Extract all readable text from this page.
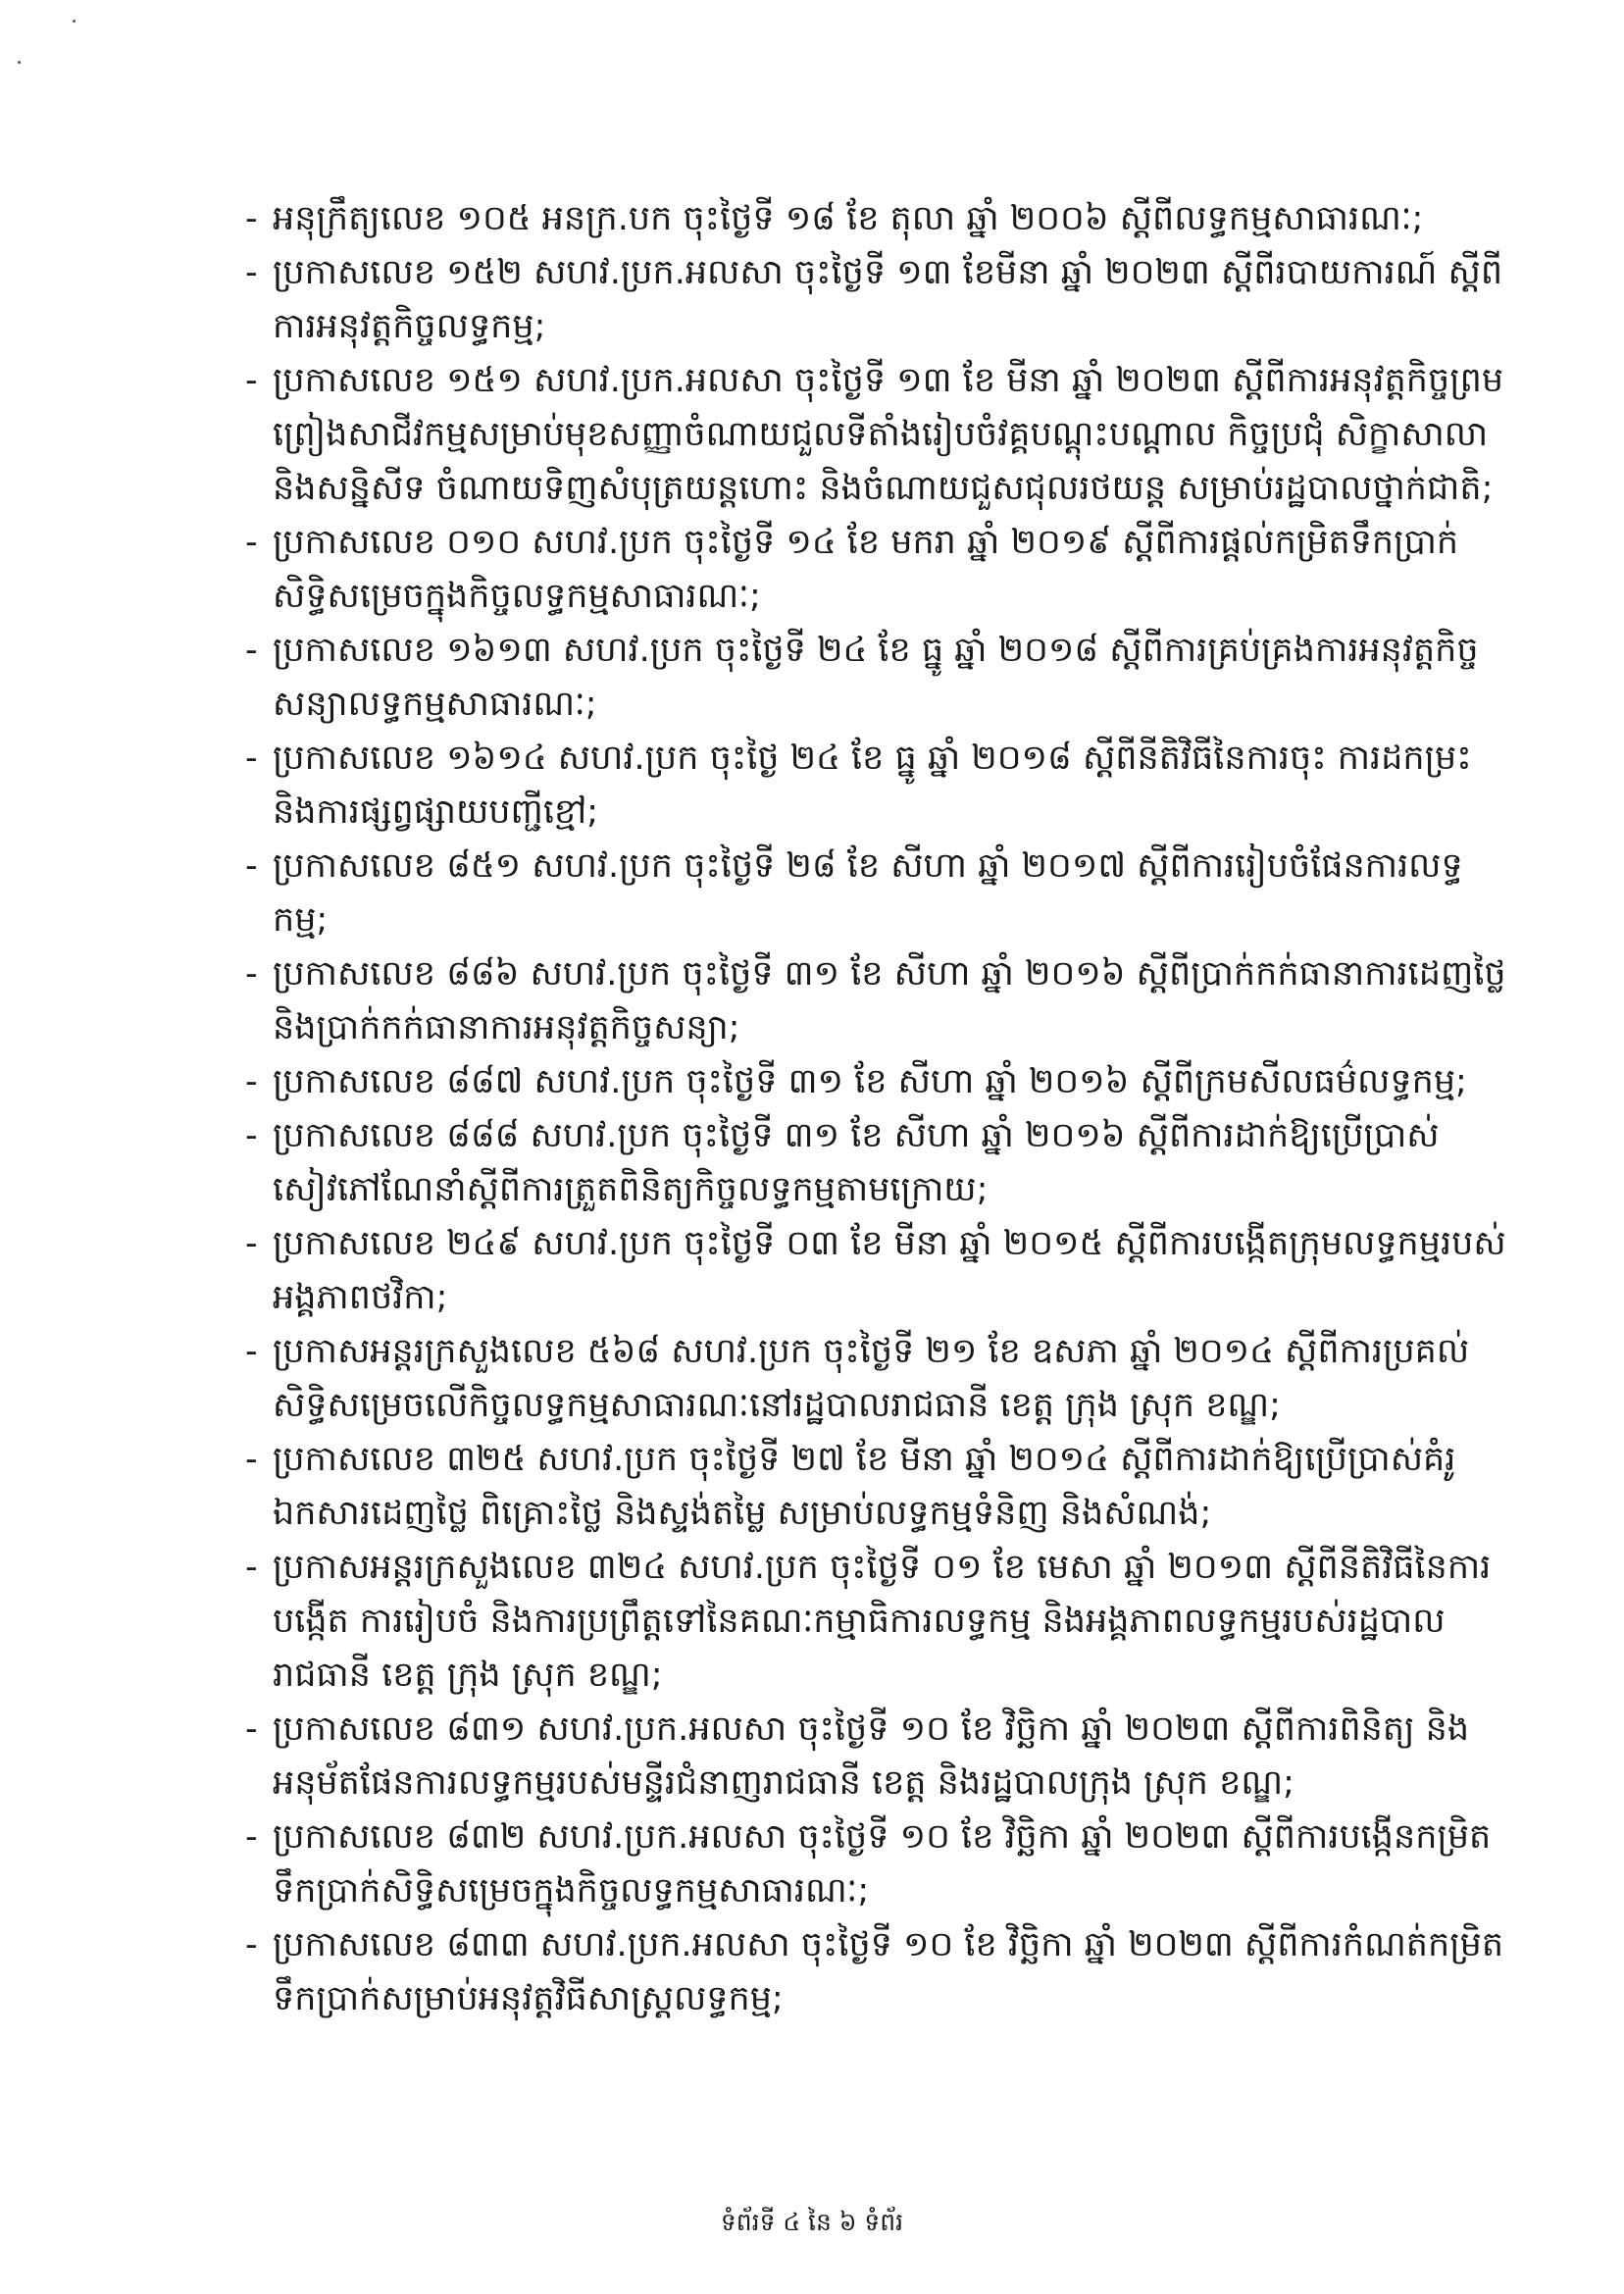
- អនុក្រឹត្យលេខ ១០៥ អនក្រ.បក ចុះថ្ងៃទី ១៨ ខែ តុលា ឆ្នាំ ២០០៦ ស្តីពីលទ្ធកម្មសាធារណៈ;
- ប្រកាសលេខ ១៥២ សហវ.ប្រក.អលសា ចុះថ្ងៃទី ១៣ ខែមីនា ឆ្នាំ ២០២៣ ស្តីពីរបាយការណ៍ ស្តីពីការអនុវត្តកិច្ចលទ្ធកម្ម;
- ប្រកាសលេខ ១៥១ សហវ.ប្រក.អលសា ចុះថ្ងៃទី ១៣ ខែ មីនា ឆ្នាំ ២០២៣ ស្តីពីការអនុវត្តកិច្ចព្រមព្រៀងសាជីវកម្មសម្រាប់មុខសញ្ញាចំណាយជួលទីតាំងរៀបចំវគ្គបណ្តុះបណ្តាល កិច្ចប្រជុំ សិក្ខាសាលា និងសន្និសីទ ចំណាយទិញសំបុត្រយន្តហោះ និងចំណាយជួសជុលរថយន្ត សម្រាប់រដ្ឋបាលថ្នាក់ជាតិ;
- ប្រកាសលេខ ០១០ សហវ.ប្រក ចុះថ្ងៃទី ១៤ ខែ មករា ឆ្នាំ ២០១៩ ស្តីពីការផ្តល់កម្រិតទឹកប្រាក់សិទ្ធិសម្រេចក្នុងកិច្ចលទ្ធកម្មសាធារណៈ;
- ប្រកាសលេខ ១៦១៣ សហវ.ប្រក ចុះថ្ងៃទី ២៤ ខែ ធ្នូ ឆ្នាំ ២០១៨ ស្តីពីការគ្រប់គ្រងការអនុវត្តកិច្ចសន្យាលទ្ធកម្មសាធារណៈ;
- ប្រកាសលេខ ១៦១៤ សហវ.ប្រក ចុះថ្ងៃ ២៤ ខែ ធ្នូ ឆ្នាំ ២០១៨ ស្តីពីនីតិវិធីនៃការចុះ ការដកម្រះនិងការផ្សព្វផ្សាយបញ្ជីខ្មៅ;
- ប្រកាសលេខ ៨៥១ សហវ.ប្រក ចុះថ្ងៃទី ២៨ ខែ សីហា ឆ្នាំ ២០១៧ ស្តីពីការរៀបចំផែនការលទ្ធកម្ម;
- ប្រកាសលេខ ៨៨៦ សហវ.ប្រក ចុះថ្ងៃទី ៣១ ខែ សីហា ឆ្នាំ ២០១៦ ស្តីពីប្រាក់កក់ធានាការដេញថ្លៃ និងប្រាក់កក់ធានាការអនុវត្តកិច្ចសន្យា;
- ប្រកាសលេខ ៨៨៧ សហវ.ប្រក ចុះថ្ងៃទី ៣១ ខែ សីហា ឆ្នាំ ២០១៦ ស្តីពីក្រមសីលធម៌លទ្ធកម្ម;
- ប្រកាសលេខ ៨៨៨ សហវ.ប្រក ចុះថ្ងៃទី ៣១ ខែ សីហា ឆ្នាំ ២០១៦ ស្តីពីការដាក់ឱ្យប្រើប្រាស់សៀវភៅណែនាំស្តីពីការត្រួតពិនិត្យកិច្ចលទ្ធកម្មតាមក្រោយ;
- ប្រកាសលេខ ២៤៩ សហវ.ប្រក ចុះថ្ងៃទី ០៣ ខែ មីនា ឆ្នាំ ២០១៥ ស្តីពីការបង្កើតក្រុមលទ្ធកម្មរបស់អង្គភាពថវិកា;
- ប្រកាសអន្តរក្រសួងលេខ ៥៦៨ សហវ.ប្រក ចុះថ្ងៃទី ២១ ខែ ឧសភា ឆ្នាំ ២០១៤ ស្តីពីការប្រគល់សិទ្ធិសម្រេចលើកិច្ចលទ្ធកម្មសាធារណៈនៅរដ្ឋបាលរាជធានី ខេត្ត ក្រុង ស្រុក ខណ្ឌ;
- ប្រកាសលេខ ៣២៥ សហវ.ប្រក ចុះថ្ងៃទី ២៧ ខែ មីនា ឆ្នាំ ២០១៤ ស្តីពីការដាក់ឱ្យប្រើប្រាស់គំរូឯកសារដេញថ្លៃ ពិគ្រោះថ្លៃ និងស្ទង់តម្លៃ សម្រាប់លទ្ធកម្មទំនិញ និងសំណង់;
- ប្រកាសអន្តរក្រសួងលេខ ៣២៤ សហវ.ប្រក ចុះថ្ងៃទី ០១ ខែ មេសា ឆ្នាំ ២០១៣ ស្តីពីនីតិវិធីនៃការបង្កើត ការរៀបចំ និងការប្រព្រឹត្តទៅនៃគណៈកម្មាធិការលទ្ធកម្ម និងអង្គភាពលទ្ធកម្មរបស់រដ្ឋបាលរាជធានី ខេត្ត ក្រុង ស្រុក ខណ្ឌ;
- ប្រកាសលេខ ៨៣១ សហវ.ប្រក.អលសា ចុះថ្ងៃទី ១០ ខែ វិច្ឆិកា ឆ្នាំ ២០២៣ ស្តីពីការពិនិត្យ និងអនុម័តផែនការលទ្ធកម្មរបស់មន្ទីរជំនាញរាជធានី ខេត្ត និងរដ្ឋបាលក្រុង ស្រុក ខណ្ឌ;
- ប្រកាសលេខ ៨៣២ សហវ.ប្រក.អលសា ចុះថ្ងៃទី ១០ ខែ វិច្ឆិកា ឆ្នាំ ២០២៣ ស្តីពីការបង្កើនកម្រិតទឹកប្រាក់សិទ្ធិសម្រេចក្នុងកិច្ចលទ្ធកម្មសាធារណៈ;
- ប្រកាសលេខ ៨៣៣ សហវ.ប្រក.អលសា ចុះថ្ងៃទី ១០ ខែ វិច្ឆិកា ឆ្នាំ ២០២៣ ស្តីពីការកំណត់កម្រិតទឹកប្រាក់សម្រាប់អនុវត្តវិធីសាស្ត្រលទ្ធកម្ម;
ទំព័រទី ៤ នៃ ៦ ទំព័រ
